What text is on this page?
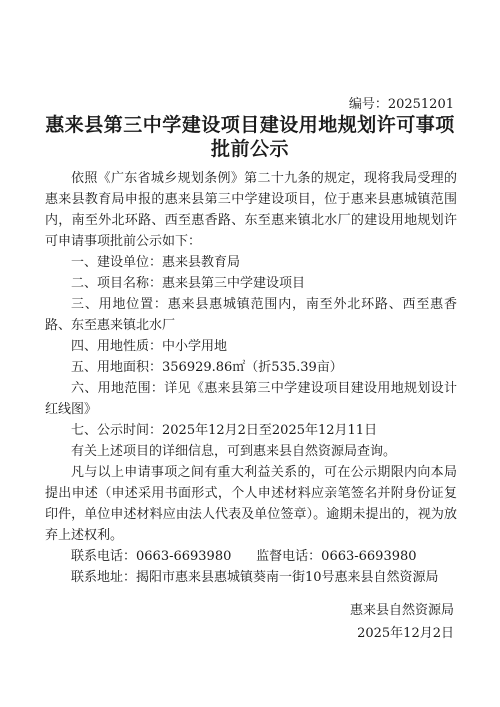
编号：20251201
惠来县第三中学建设项目建设用地规划许可事项
批前公示

依照《广东省城乡规划条例》第二十九条的规定，现将我局受理的惠来县教育局申报的惠来县第三中学建设项目，位于惠来县惠城镇范围内，南至外北环路、西至惠香路、东至惠来镇北水厂的建设用地规划许可申请事项批前公示如下：

一、建设单位：惠来县教育局

二、项目名称：惠来县第三中学建设项目

三、用地位置：惠来县惠城镇范围内，南至外北环路、西至惠香路、东至惠来镇北水厂

四、用地性质：中小学用地

五、用地面积：356929.86㎡（折535.39亩）

六、用地范围：详见《惠来县第三中学建设项目建设用地规划设计红线图》

七、公示时间：2025年12月2日至2025年12月11日

有关上述项目的详细信息，可到惠来县自然资源局查询。

凡与以上申请事项之间有重大利益关系的，可在公示期限内向本局提出申述（申述采用书面形式，个人申述材料应亲笔签名并附身份证复印件，单位申述材料应由法人代表及单位签章）。逾期未提出的，视为放弃上述权利。

联系电话：0663-6693980      监督电话：0663-6693980

联系地址：揭阳市惠来县惠城镇葵南一街10号惠来县自然资源局

惠来县自然资源局
2025年12月2日
